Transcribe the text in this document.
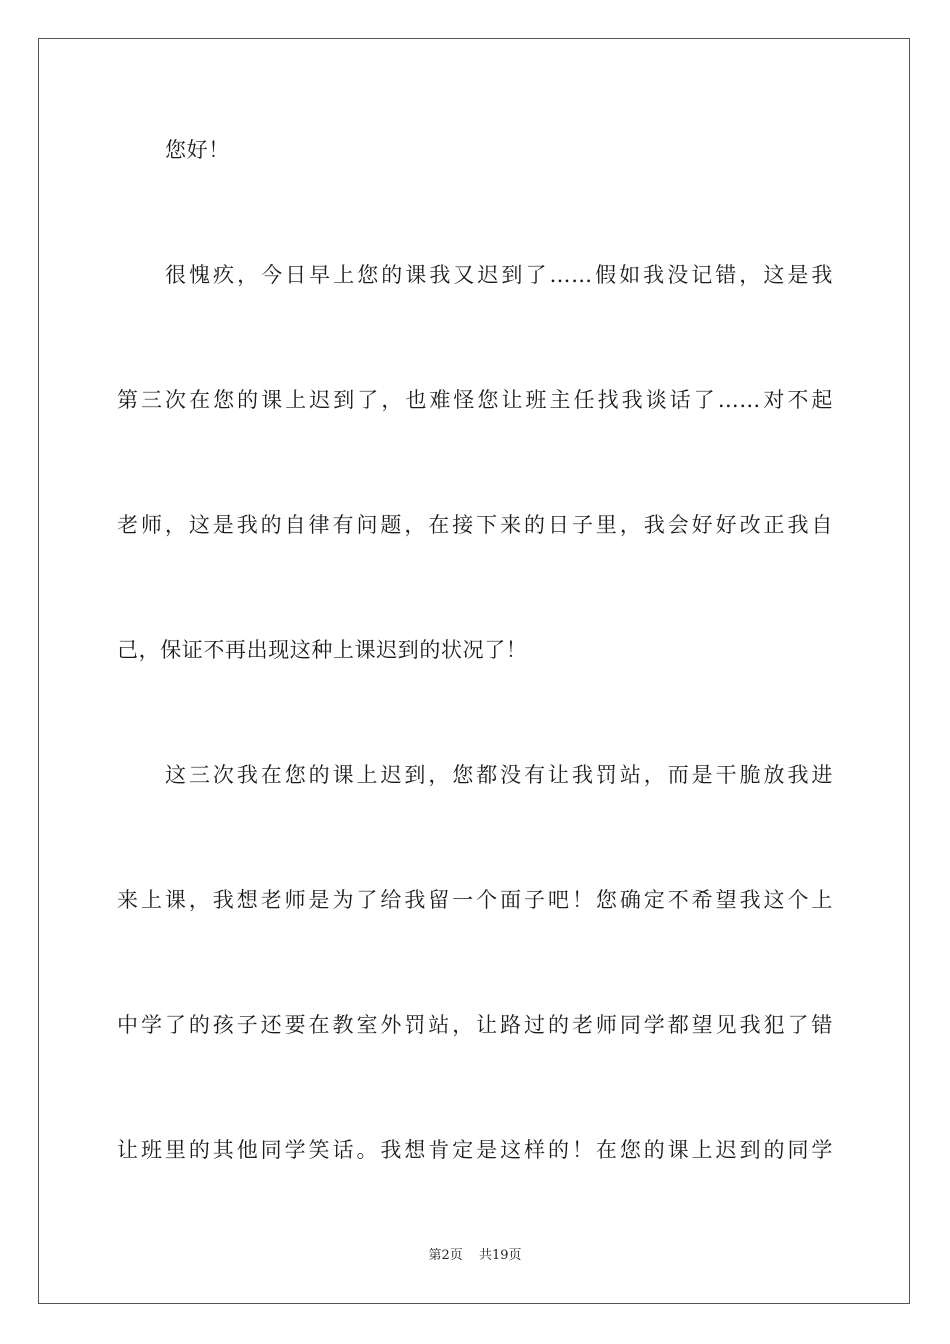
您好！
很愧疚，今日早上您的课我又迟到了……假如我没记错，这是我
第三次在您的课上迟到了，也难怪您让班主任找我谈话了……对不起
老师，这是我的自律有问题，在接下来的日子里，我会好好改正我自
己，保证不再出现这种上课迟到的状况了！
这三次我在您的课上迟到，您都没有让我罚站，而是干脆放我进
来上课，我想老师是为了给我留一个面子吧！您确定不希望我这个上
中学了的孩子还要在教室外罚站，让路过的老师同学都望见我犯了错
让班里的其他同学笑话。我想肯定是这样的！在您的课上迟到的同学
第2页 共19页
